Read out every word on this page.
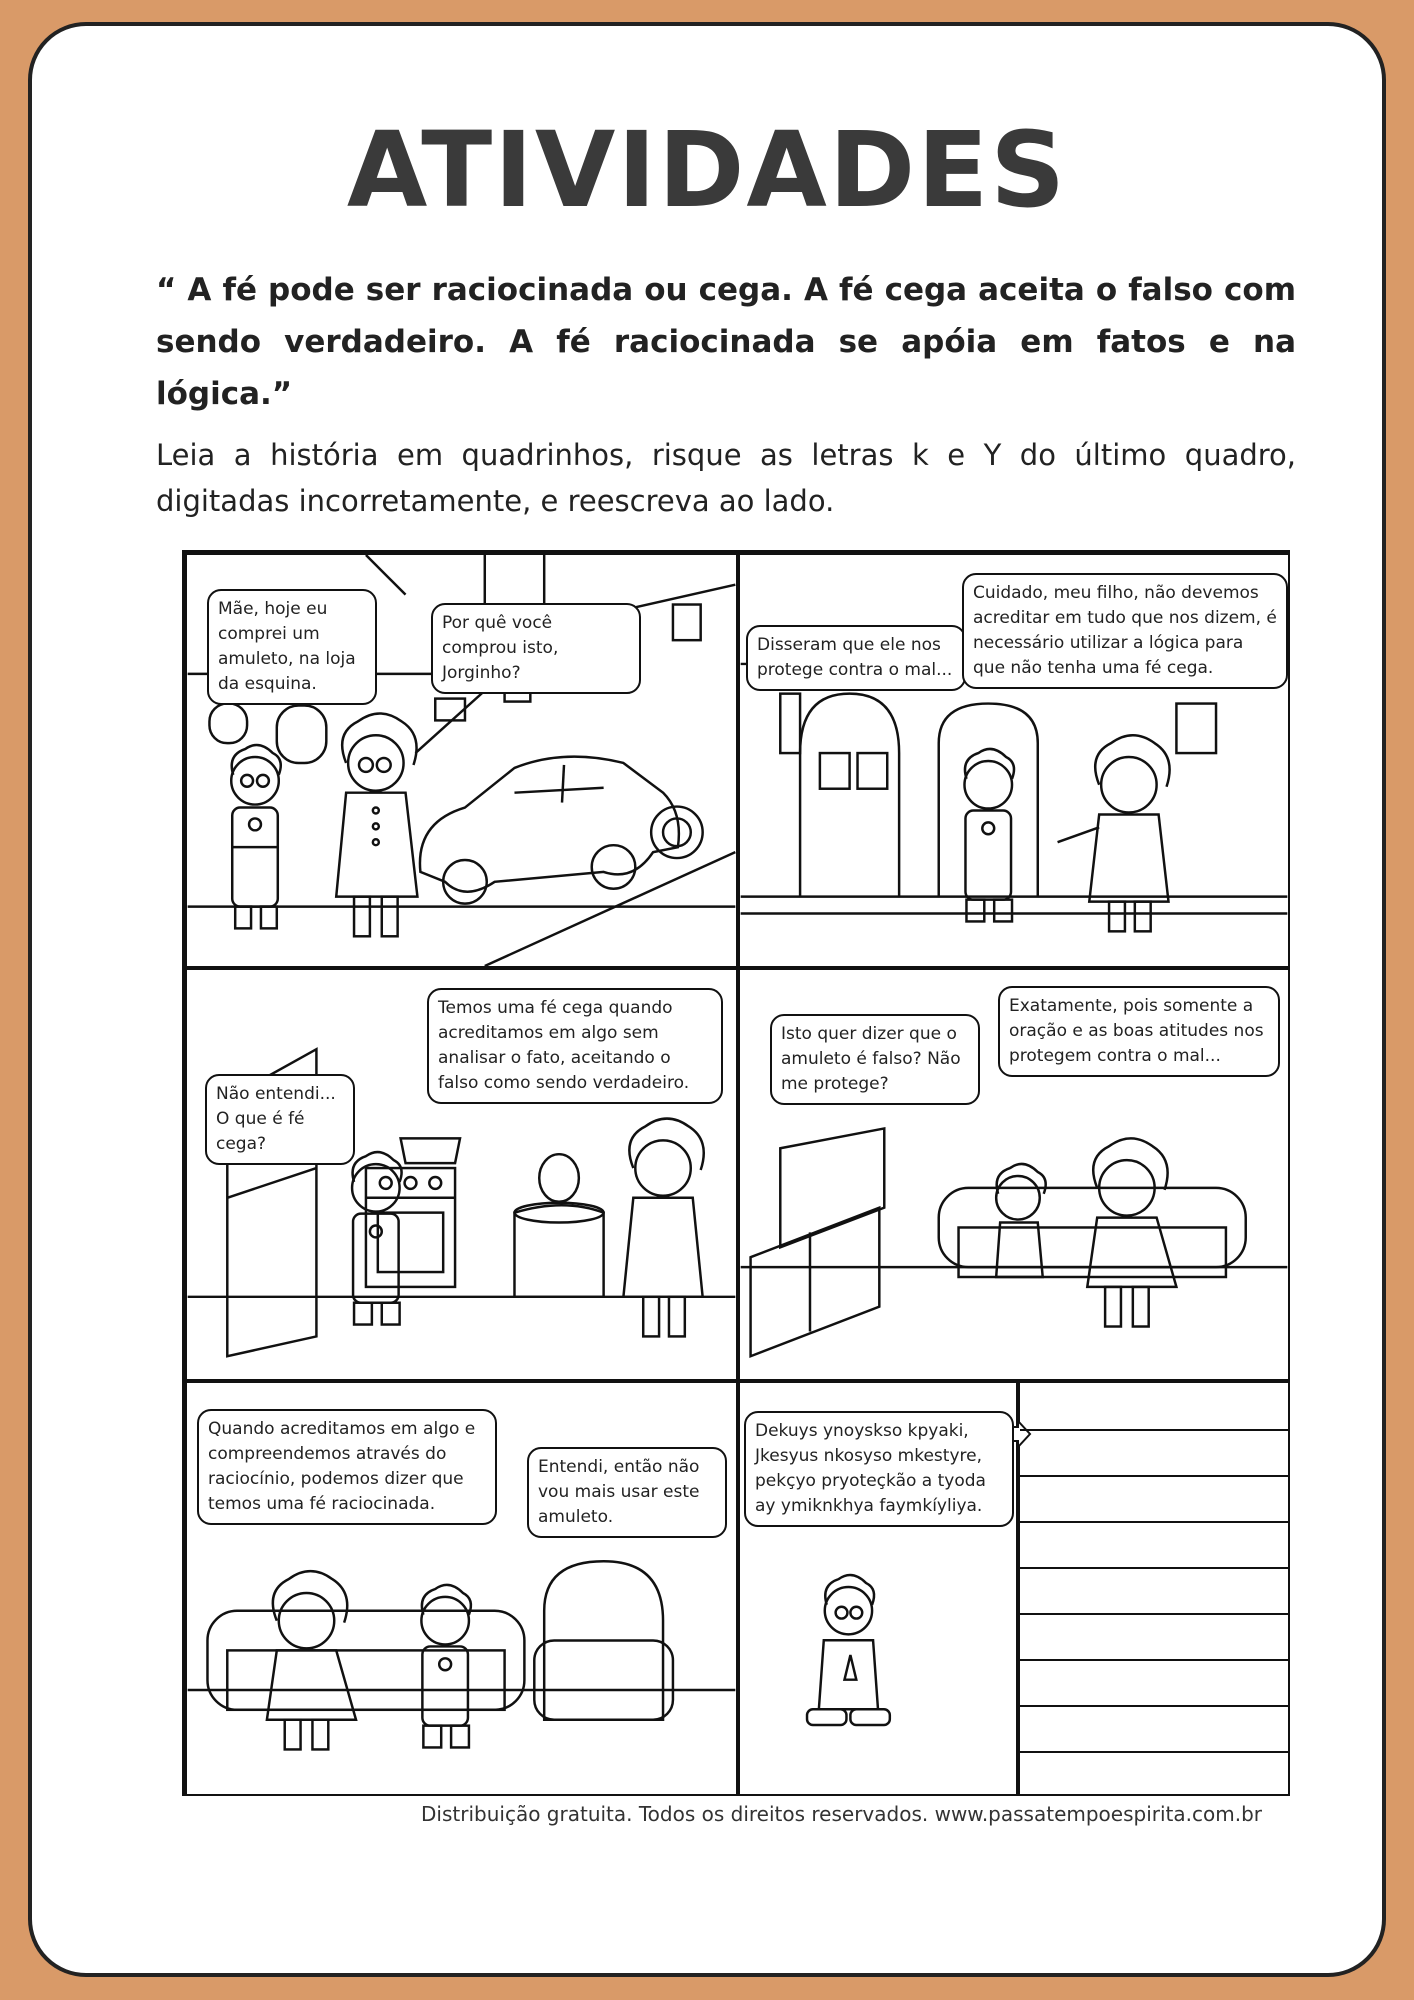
ATIVIDADES
“ A fé pode ser raciocinada ou cega. A fé cega aceita o falso com sendo verdadeiro. A fé raciocinada se apóia em fatos e na lógica.”
Leia a história em quadrinhos, risque as letras k e Y do último quadro, digitadas incorretamente, e reescreva ao lado.
Mãe, hoje eu comprei um amuleto, na loja da esquina.
Por quê você comprou isto, Jorginho?
Disseram que ele nos protege contra o mal...
Cuidado, meu filho, não devemos acreditar em tudo que nos dizem, é necessário utilizar a lógica para que não tenha uma fé cega.
Não entendi... O que é fé cega?
Temos uma fé cega quando acreditamos em algo sem analisar o fato, aceitando o falso como sendo verdadeiro.
Isto quer dizer que o amuleto é falso? Não me protege?
Exatamente, pois somente a oração e as boas atitudes nos protegem contra o mal...
Quando acreditamos em algo e compreendemos através do raciocínio, podemos dizer que temos uma fé raciocinada.
Entendi, então não vou mais usar este amuleto.
Dekuys ynoyskso kpyaki, Jkesyus nkosyso mkestyre, pekçyo pryoteçkão a tyoda ay ymiknkhya faymkíyliya.
Distribuição gratuita. Todos os direitos reservados. www.passatempoespirita.com.br
